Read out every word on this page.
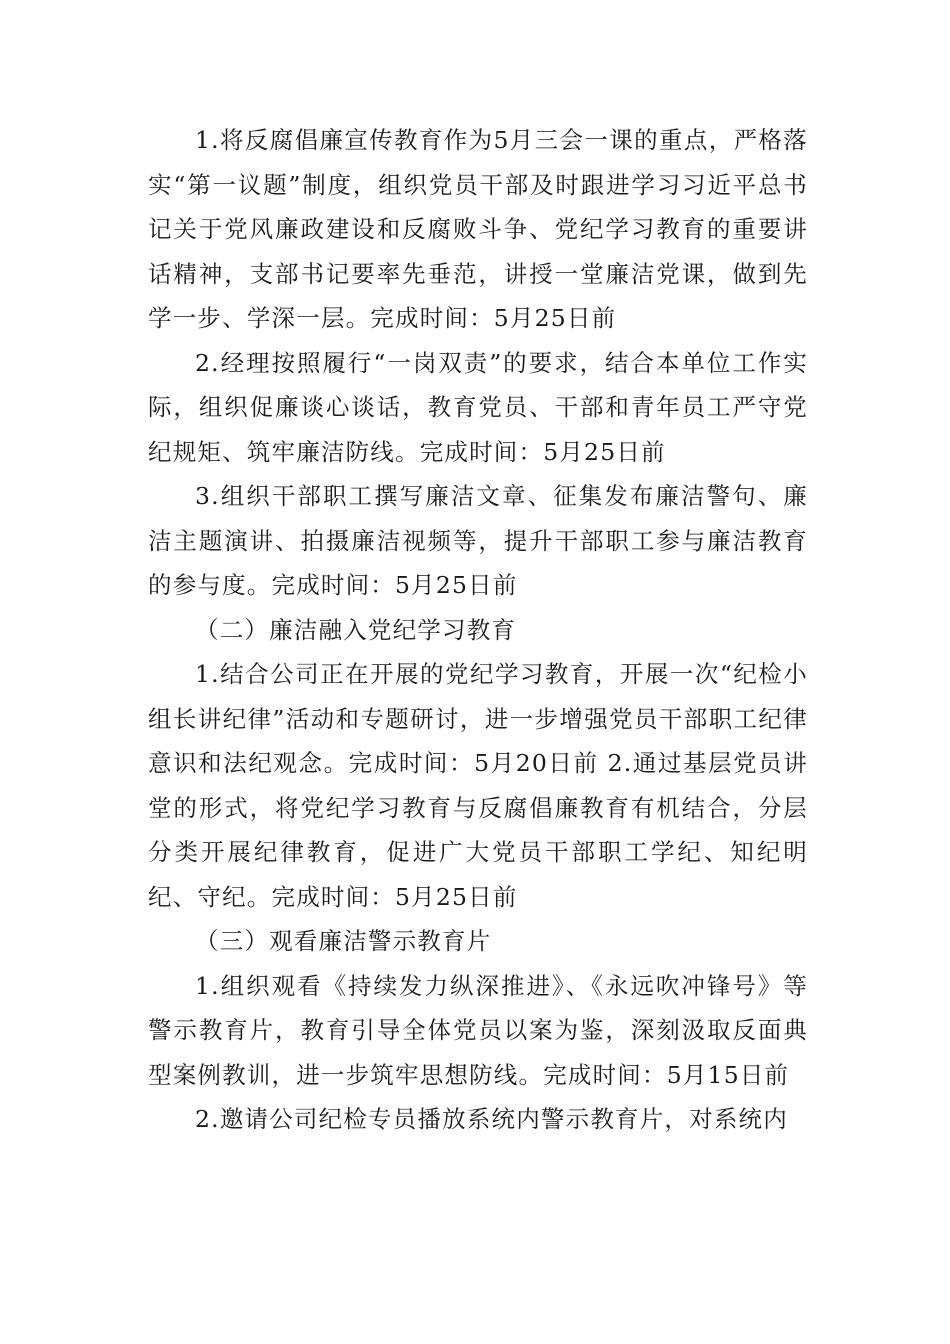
1.将反腐倡廉宣传教育作为5月三会一课的重点，严格落实“第一议题”制度，组织党员干部及时跟进学习习近平总书记关于党风廉政建设和反腐败斗争、党纪学习教育的重要讲话精神，支部书记要率先垂范，讲授一堂廉洁党课，做到先学一步、学深一层。完成时间：5月25日前

2.经理按照履行“一岗双责”的要求，结合本单位工作实际，组织促廉谈心谈话，教育党员、干部和青年员工严守党纪规矩、筑牢廉洁防线。完成时间：5月25日前

3.组织干部职工撰写廉洁文章、征集发布廉洁警句、廉洁主题演讲、拍摄廉洁视频等，提升干部职工参与廉洁教育的参与度。完成时间：5月25日前

（二）廉洁融入党纪学习教育

1.结合公司正在开展的党纪学习教育，开展一次“纪检小组长讲纪律”活动和专题研讨，进一步增强党员干部职工纪律意识和法纪观念。完成时间：5月20日前 2.通过基层党员讲堂的形式，将党纪学习教育与反腐倡廉教育有机结合，分层分类开展纪律教育，促进广大党员干部职工学纪、知纪明纪、守纪。完成时间：5月25日前

（三）观看廉洁警示教育片

1.组织观看《持续发力纵深推进》、《永远吹冲锋号》等警示教育片，教育引导全体党员以案为鉴，深刻汲取反面典型案例教训，进一步筑牢思想防线。完成时间：5月15日前

2.邀请公司纪检专员播放系统内警示教育片，对系统内
